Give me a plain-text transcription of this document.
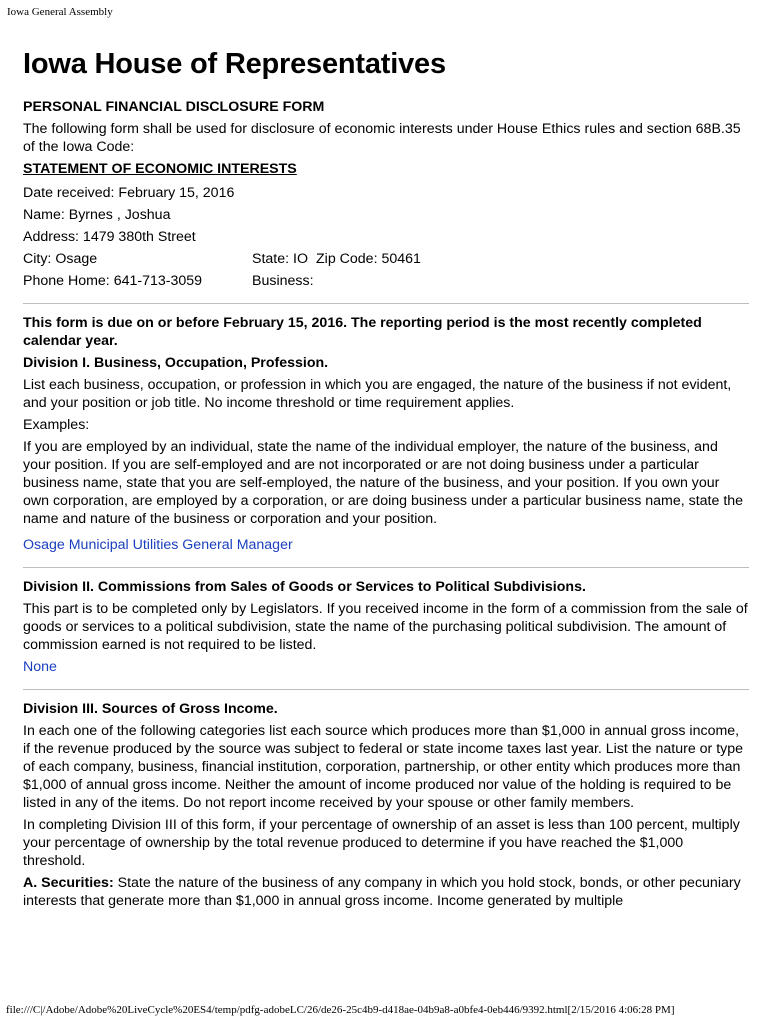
Iowa General Assembly
Iowa House of Representatives
PERSONAL FINANCIAL DISCLOSURE FORM

The following form shall be used for disclosure of economic interests under House Ethics rules and section 68B.35 of the Iowa Code:

STATEMENT OF ECONOMIC INTERESTS
Date received: February 15, 2016
Name: Byrnes , Joshua
Address: 1479 380th Street
City: Osage	State: IO Zip Code: 50461
Phone Home: 641-713-3059	Business:

This form is due on or before February 15, 2016. The reporting period is the most recently completed calendar year.

Division I. Business, Occupation, Profession.

List each business, occupation, or profession in which you are engaged, the nature of the business if not evident, and your position or job title. No income threshold or time requirement applies.

Examples:

If you are employed by an individual, state the name of the individual employer, the nature of the business, and your position. If you are self-employed and are not incorporated or are not doing business under a particular business name, state that you are self-employed, the nature of the business, and your position. If you own your own corporation, are employed by a corporation, or are doing business under a particular business name, state the name and nature of the business or corporation and your position.

Osage Municipal Utilities General Manager

Division II. Commissions from Sales of Goods or Services to Political Subdivisions.

This part is to be completed only by Legislators. If you received income in the form of a commission from the sale of goods or services to a political subdivision, state the name of the purchasing political subdivision. The amount of commission earned is not required to be listed.

None

Division III. Sources of Gross Income.

In each one of the following categories list each source which produces more than $1,000 in annual gross income, if the revenue produced by the source was subject to federal or state income taxes last year. List the nature or type of each company, business, financial institution, corporation, partnership, or other entity which produces more than $1,000 of annual gross income. Neither the amount of income produced nor value of the holding is required to be listed in any of the items. Do not report income received by your spouse or other family members.

In completing Division III of this form, if your percentage of ownership of an asset is less than 100 percent, multiply your percentage of ownership by the total revenue produced to determine if you have reached the $1,000 threshold.

A. Securities: State the nature of the business of any company in which you hold stock, bonds, or other pecuniary interests that generate more than $1,000 in annual gross income. Income generated by multiple

file:///C|/Adobe/Adobe%20LiveCycle%20ES4/temp/pdfg-adobeLC/26/de26-25c4b9-d418ae-04b9a8-a0bfe4-0eb446/9392.html[2/15/2016 4:06:28 PM]
